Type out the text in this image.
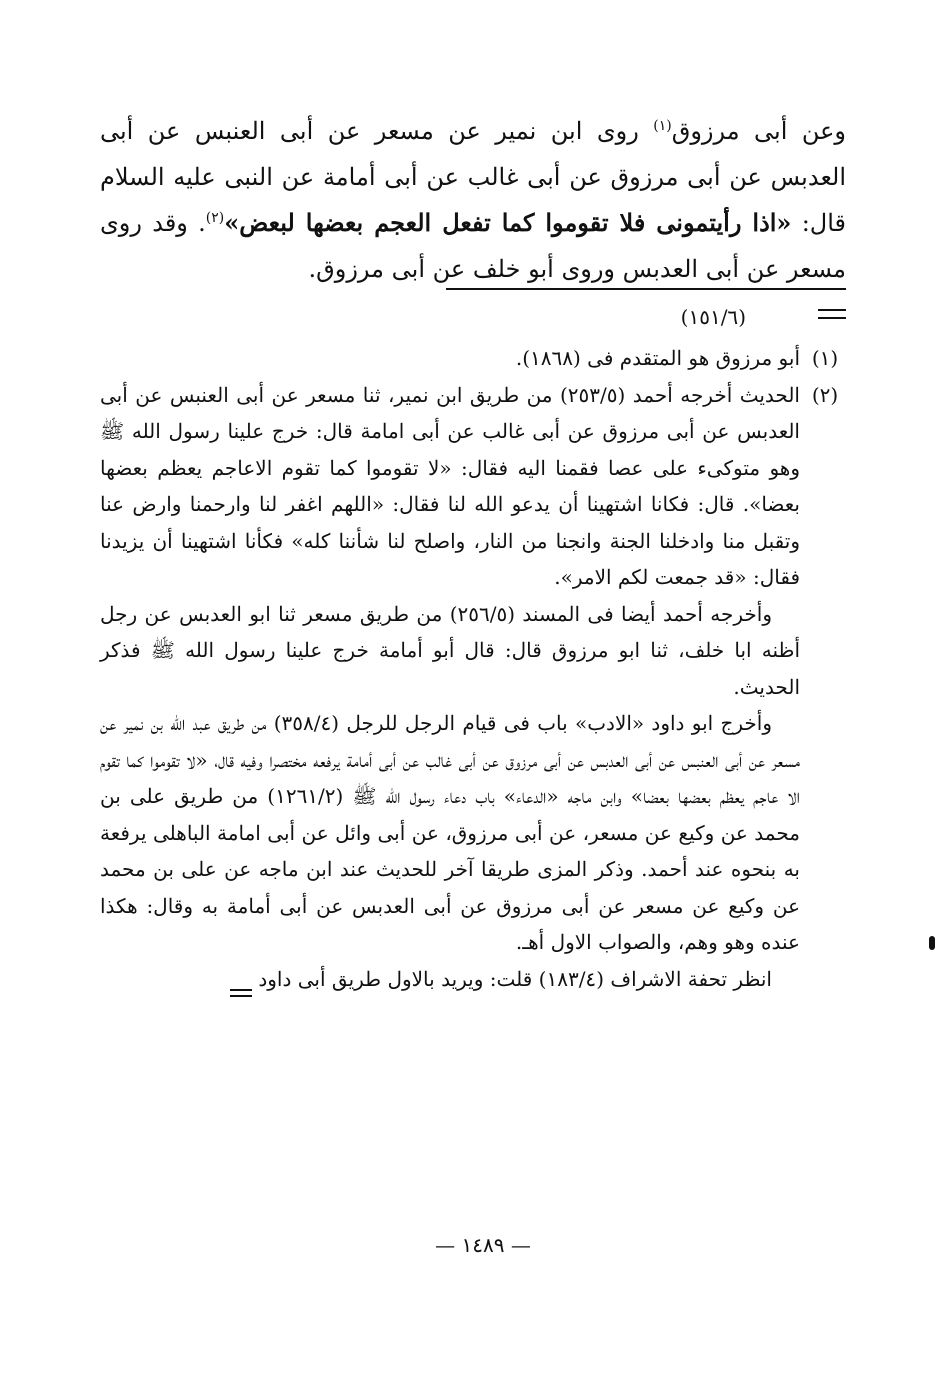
وعن أبى مرزوق$^{(١)}$ روى ابن نمير عن مسعر عن أبى العنبس عن أبى العدبس عن أبى مرزوق عن أبى غالب عن أبى أمامة عن النبى عليه السلام قال: «اذا رأيتمونى فلا تقوموا كما تفعل العجم بعضها لبعض»$^{(٢)}$. وقد روى مسعر عن أبى العدبس وروى أبو خلف عن أبى مرزوق.
(١٥١/٦)
(١)
أبو مرزوق هو المتقدم فى (١٨٦٨).
(٢)

الحديث أخرجه أحمد (٢٥٣/٥) من طريق ابن نمير، ثنا مسعر عن أبى العنبس عن أبى العدبس عن أبى مرزوق عن أبى غالب عن أبى امامة قال: خرج علينا رسول الله ﷺ وهو متوكىء على عصا فقمنا اليه فقال: «لا تقوموا كما تقوم الاعاجم يعظم بعضها بعضا». قال: فكانا اشتهينا أن يدعو الله لنا فقال: «اللهم اغفر لنا وارحمنا وارض عنا وتقبل منا وادخلنا الجنة وانجنا من النار، واصلح لنا شأننا كله» فكأنا اشتهينا أن يزيدنا فقال: «قد جمعت لكم الامر».

وأخرجه أحمد أيضا فى المسند (٢٥٦/٥) من طريق مسعر ثنا ابو العدبس عن رجل أظنه ابا خلف، ثنا ابو مرزوق قال: قال أبو أمامة خرج علينا رسول الله ﷺ فذكر الحديث.

وأخرج ابو داود «الادب» باب فى قيام الرجل للرجل (٣٥٨/٤) من طريق عبد الله بن نمير عن مسعر عن أبى العنبس عن أبى العدبس عن أبى مرزوق عن أبى غالب عن أبى أمامة يرفعه مختصرا وفيه قال، «لا تقوموا كما تقوم الا عاجم يعظم بعضها بعضا» وابن ماجه «الدعاء» باب دعاء رسول الله ﷺ (١٢٦١/٢) من طريق على بن محمد عن وكيع عن مسعر، عن أبى مرزوق، عن أبى وائل عن أبى امامة الباهلى يرفعة به بنحوه عند أحمد. وذكر المزى طريقا آخر للحديث عند ابن ماجه عن على بن محمد عن وكيع عن مسعر عن أبى مرزوق عن أبى العدبس عن أبى أمامة به وقال: هكذا عنده وهو وهم، والصواب الاول أهـ.

انظر تحفة الاشراف (١٨٣/٤) قلت: ويريد بالاول طريق أبى داود

— ١٤٨٩ —
